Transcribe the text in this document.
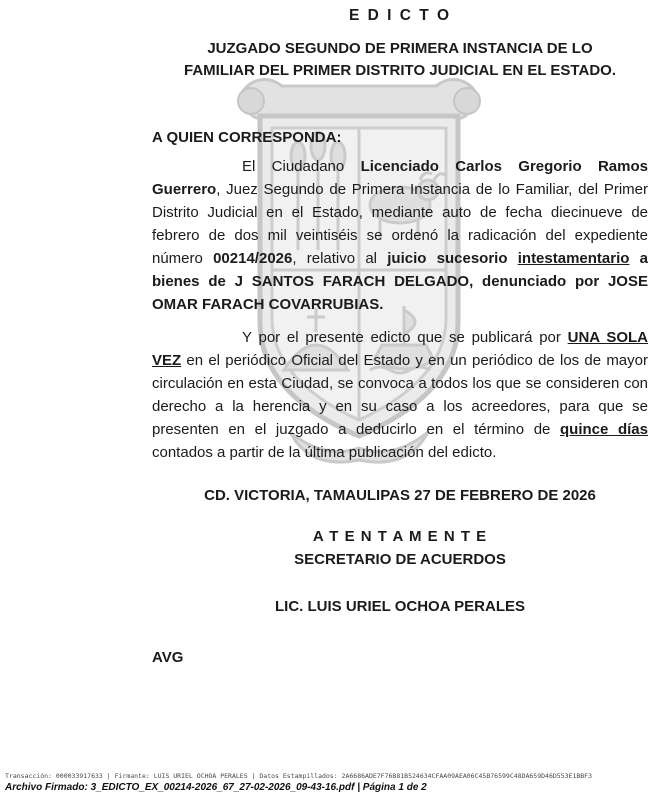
E D I C T O
JUZGADO SEGUNDO DE PRIMERA INSTANCIA DE LO
FAMILIAR DEL PRIMER DISTRITO JUDICIAL EN EL ESTADO.
A QUIEN CORRESPONDA:

El Ciudadano Licenciado Carlos Gregorio Ramos Guerrero, Juez Segundo de Primera Instancia de lo Familiar, del Primer Distrito Judicial en el Estado, mediante auto de fecha diecinueve de febrero de dos mil veintiséis se ordenó la radicación del expediente número 00214/2026, relativo al juicio sucesorio intestamentario a bienes de J SANTOS FARACH DELGADO, denunciado por JOSE OMAR FARACH COVARRUBIAS.

Y por el presente edicto que se publicará por UNA SOLA VEZ en el periódico Oficial del Estado y en un periódico de los de mayor circulación en esta Ciudad, se convoca a todos los que se consideren con derecho a la herencia y en su caso a los acreedores, para que se presenten en el juzgado a deducirlo en el término de quince días contados a partir de la última publicación del edicto.

CD. VICTORIA, TAMAULIPAS 27 DE FEBRERO DE 2026
A T E N T A M E N T E
SECRETARIO DE ACUERDOS
LIC. LUIS URIEL OCHOA PERALES
AVG
Transacción: 000033917633 | Firmante: LUIS URIEL OCHOA PERALES | Datos Estampillados: 2A6686ADE7F76B81B524634CFAA09AEA06C45B76599C48DA659D46D553E1BBF3
Archivo Firmado: 3_EDICTO_EX_00214-2026_67_27-02-2026_09-43-16.pdf | Página 1 de 2
